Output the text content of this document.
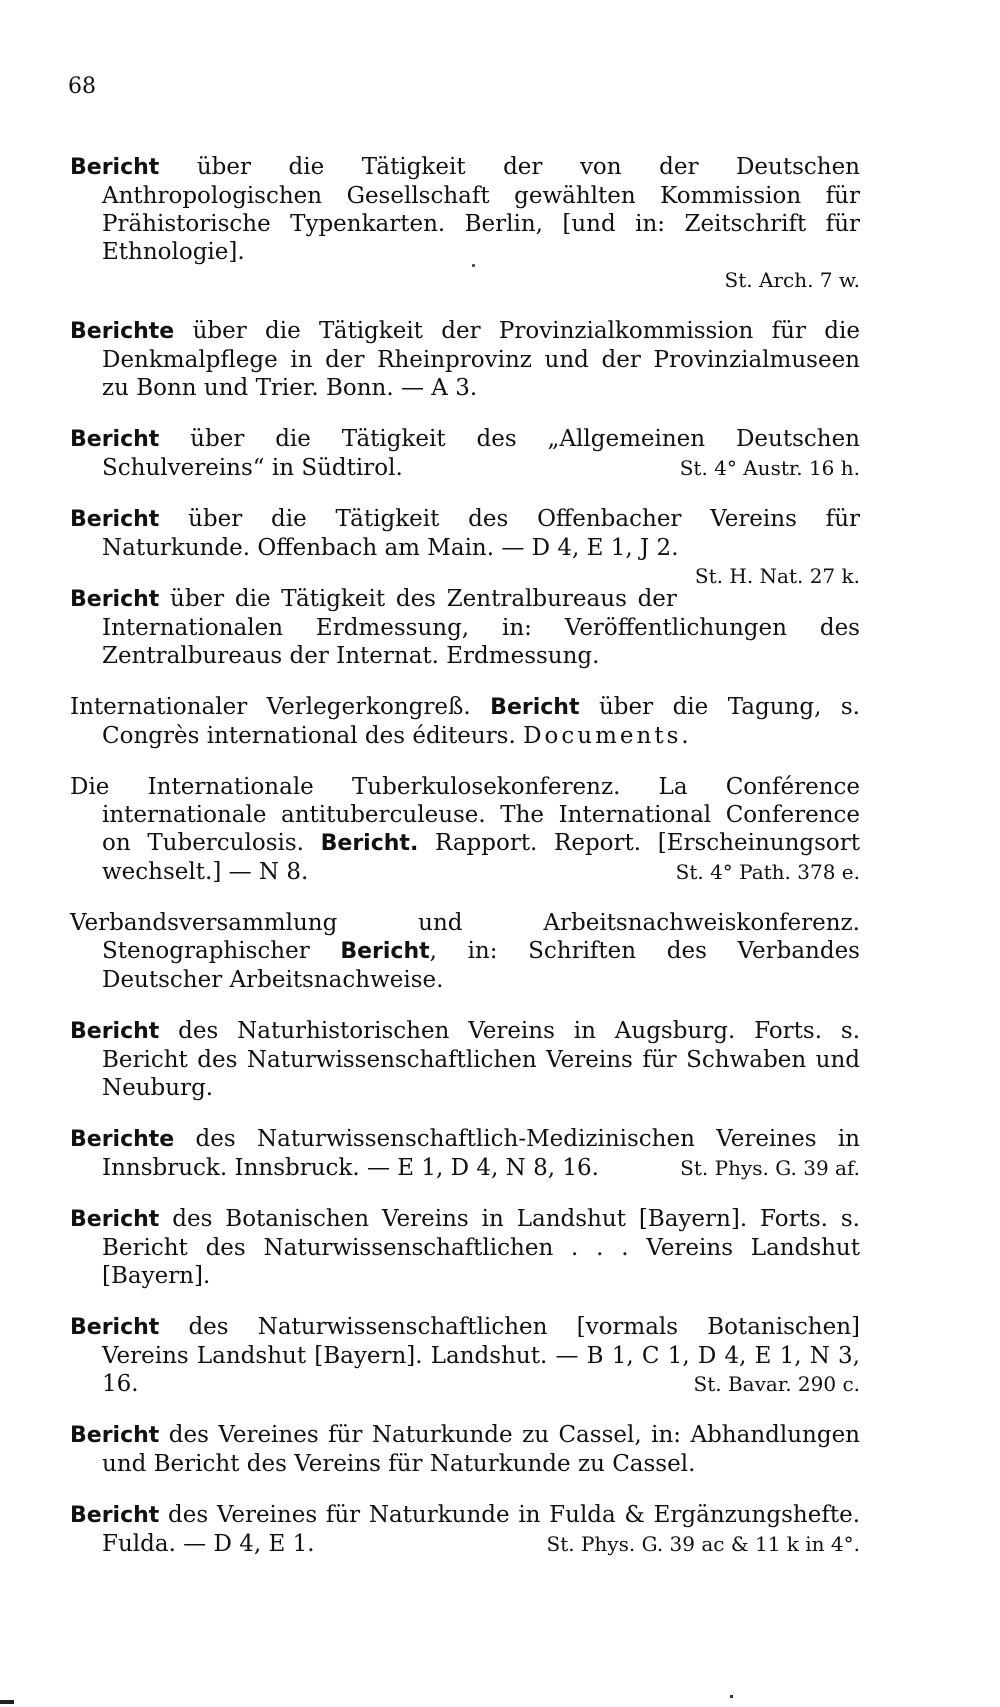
68

Bericht über die Tätigkeit der von der Deutschen Anthropologischen Gesellschaft gewählten Kommission für Prähistorische Typenkarten. Berlin, [und in: Zeitschrift für Ethnologie].
St. Arch. 7 w.

Berichte über die Tätigkeit der Provinzialkommission für die Denkmalpflege in der Rheinprovinz und der Provinzialmuseen zu Bonn und Trier. Bonn. — A 3.

Bericht über die Tätigkeit des „Allgemeinen Deutschen Schulvereins“ in Südtirol.	St. 4° Austr. 16 h.

Bericht über die Tätigkeit des Offenbacher Vereins für Naturkunde. Offenbach am Main. — D 4, E 1, J 2.
St. H. Nat. 27 k.

Bericht über die Tätigkeit des Zentralbureaus der Internationalen Erdmessung, in: Veröffentlichungen des Zentralbureaus der Internat. Erdmessung.

Internationaler Verlegerkongreß. Bericht über die Tagung, s. Congrès international des éditeurs. Documents.

Die Internationale Tuberkulosekonferenz. La Conférence internationale antituberculeuse. The International Conference on Tuberculosis. Bericht. Rapport. Report. [Erscheinungsort wechselt.] — N 8.	St. 4° Path. 378 e.

Verbandsversammlung und Arbeitsnachweiskonferenz. Stenographischer Bericht, in: Schriften des Verbandes Deutscher Arbeitsnachweise.

Bericht des Naturhistorischen Vereins in Augsburg. Forts. s. Bericht des Naturwissenschaftlichen Vereins für Schwaben und Neuburg.

Berichte des Naturwissenschaftlich-Medizinischen Vereines in Innsbruck. Innsbruck. — E 1, D 4, N 8, 16.	St. Phys. G. 39 af.

Bericht des Botanischen Vereins in Landshut [Bayern]. Forts. s. Bericht des Naturwissenschaftlichen . . . Vereins Landshut [Bayern].

Bericht des Naturwissenschaftlichen [vormals Botanischen] Vereins Landshut [Bayern]. Landshut. — B 1, C 1, D 4, E 1, N 3, 16.	St. Bavar. 290 c.

Bericht des Vereines für Naturkunde zu Cassel, in: Abhandlungen und Bericht des Vereins für Naturkunde zu Cassel.

Bericht des Vereines für Naturkunde in Fulda & Ergänzungshefte. Fulda. — D 4, E 1.	St. Phys. G. 39 ac & 11 k in 4°.
